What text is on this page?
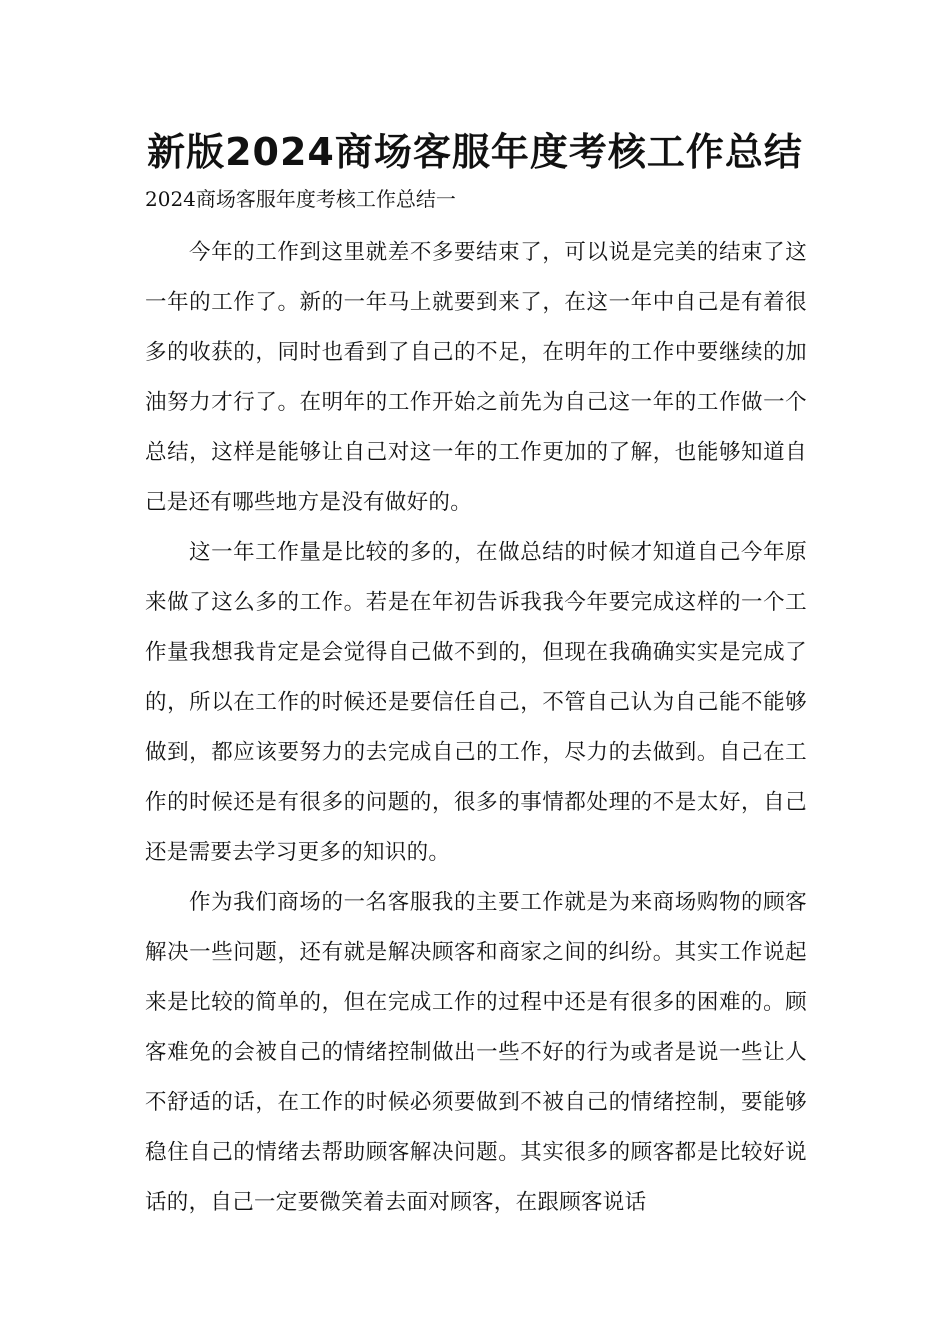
新版2024商场客服年度考核工作总结

2024商场客服年度考核工作总结一

今年的工作到这里就差不多要结束了，可以说是完美的结束了这一年的工作了。新的一年马上就要到来了，在这一年中自己是有着很多的收获的，同时也看到了自己的不足，在明年的工作中要继续的加油努力才行了。在明年的工作开始之前先为自己这一年的工作做一个总结，这样是能够让自己对这一年的工作更加的了解，也能够知道自己是还有哪些地方是没有做好的。

这一年工作量是比较的多的，在做总结的时候才知道自己今年原来做了这么多的工作。若是在年初告诉我我今年要完成这样的一个工作量我想我肯定是会觉得自己做不到的，但现在我确确实实是完成了的，所以在工作的时候还是要信任自己，不管自己认为自己能不能够做到，都应该要努力的去完成自己的工作，尽力的去做到。自己在工作的时候还是有很多的问题的，很多的事情都处理的不是太好，自己还是需要去学习更多的知识的。

作为我们商场的一名客服我的主要工作就是为来商场购物的顾客解决一些问题，还有就是解决顾客和商家之间的纠纷。其实工作说起来是比较的简单的，但在完成工作的过程中还是有很多的困难的。顾客难免的会被自己的情绪控制做出一些不好的行为或者是说一些让人不舒适的话，在工作的时候必须要做到不被自己的情绪控制，要能够稳住自己的情绪去帮助顾客解决问题。其实很多的顾客都是比较好说话的，自己一定要微笑着去面对顾客，在跟顾客说话
